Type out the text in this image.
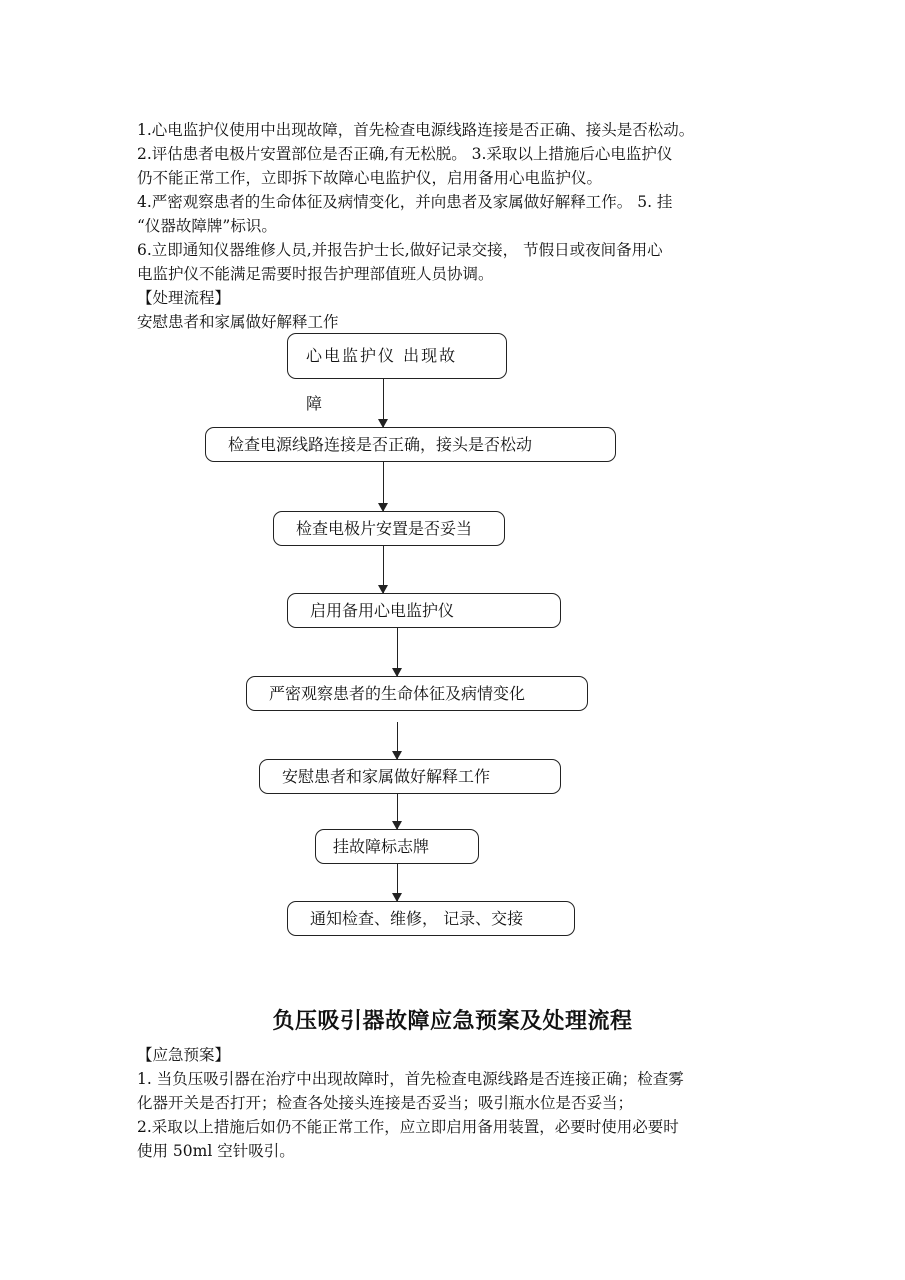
1.心电监护仪使用中出现故障，首先检查电源线路连接是否正确、接头是否松动。
2.评估患者电极片安置部位是否正确,有无松脱。 3.采取以上措施后心电监护仪
仍不能正常工作，立即拆下故障心电监护仪，启用备用心电监护仪。
4.严密观察患者的生命体征及病情变化，并向患者及家属做好解释工作。 5. 挂
“仪器故障牌”标识。
6.立即通知仪器维修人员,并报告护士长,做好记录交接， 节假日或夜间备用心
电监护仪不能满足需要时报告护理部值班人员协调。
【处理流程】
安慰患者和家属做好解释工作
心电监护仪 出现故
障
检查电源线路连接是否正确，接头是否松动
检查电极片安置是否妥当
启用备用心电监护仪
严密观察患者的生命体征及病情变化
安慰患者和家属做好解释工作
挂故障标志牌
通知检查、维修， 记录、交接
负压吸引器故障应急预案及处理流程
【应急预案】
1. 当负压吸引器在治疗中出现故障时，首先检查电源线路是否连接正确；检查雾
化器开关是否打开；检查各处接头连接是否妥当；吸引瓶水位是否妥当；
2.采取以上措施后如仍不能正常工作，应立即启用备用装置，必要时使用必要时
使用 50ml 空针吸引。
